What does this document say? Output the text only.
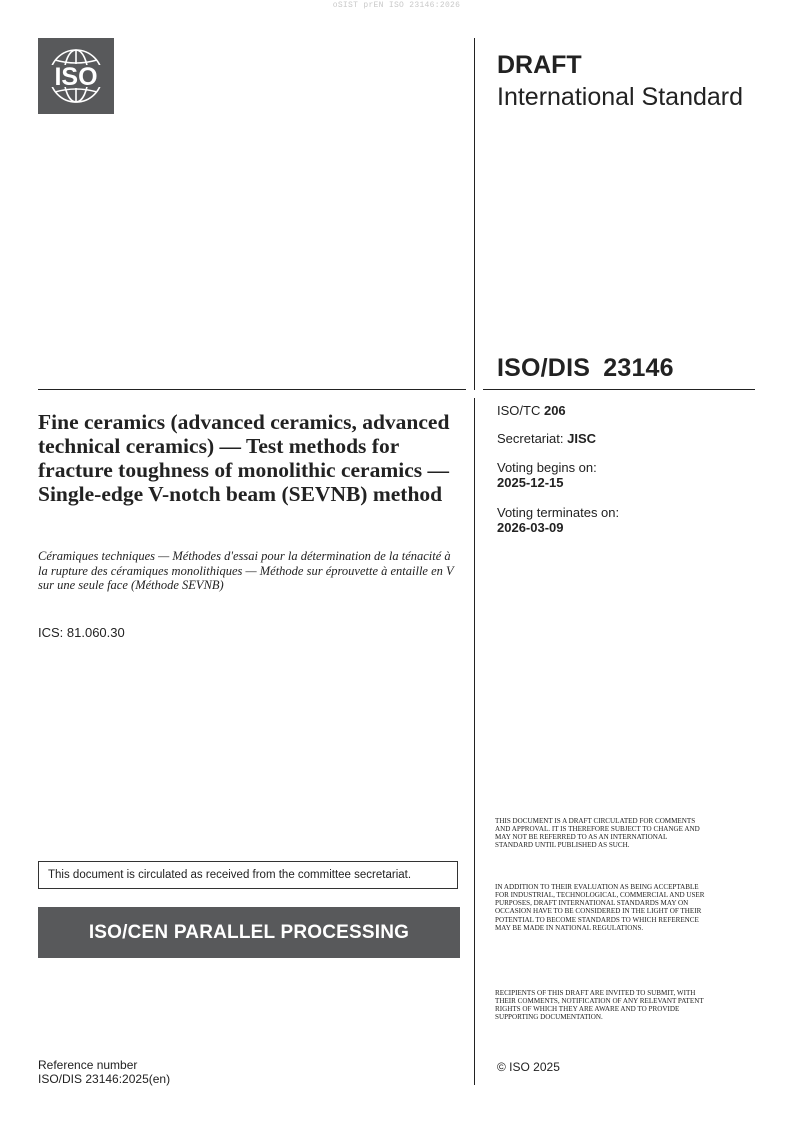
oSIST prEN ISO 23146:2026
ISO	DRAFT
International Standard
ISO/DIS 23146
Fine ceramics (advanced ceramics, advanced technical ceramics) — Test methods for fracture toughness of monolithic ceramics — Single-edge V-notch beam (SEVNB) method

Céramiques techniques — Méthodes d'essai pour la détermination de la ténacité à la rupture des céramiques monolithiques — Méthode sur éprouvette à entaille en V sur une seule face (Méthode SEVNB)

ICS: 81.060.30
ISO/TC 206
Secretariat: JISC
Voting begins on:
2025-12-15
Voting terminates on:
2026-03-09
This document is circulated as received from the committee secretariat.
ISO/CEN PARALLEL PROCESSING
Reference number
ISO/DIS 23146:2025(en)

THIS DOCUMENT IS A DRAFT CIRCULATED FOR COMMENTS AND APPROVAL. IT IS THEREFORE SUBJECT TO CHANGE AND MAY NOT BE REFERRED TO AS AN INTERNATIONAL STANDARD UNTIL PUBLISHED AS SUCH.

IN ADDITION TO THEIR EVALUATION AS BEING ACCEPTABLE FOR INDUSTRIAL, TECHNOLOGICAL, COMMERCIAL AND USER PURPOSES, DRAFT INTERNATIONAL STANDARDS MAY ON OCCASION HAVE TO BE CONSIDERED IN THE LIGHT OF THEIR POTENTIAL TO BECOME STANDARDS TO WHICH REFERENCE MAY BE MADE IN NATIONAL REGULATIONS.

RECIPIENTS OF THIS DRAFT ARE INVITED TO SUBMIT, WITH THEIR COMMENTS, NOTIFICATION OF ANY RELEVANT PATENT RIGHTS OF WHICH THEY ARE AWARE AND TO PROVIDE SUPPORTING DOCUMENTATION.

© ISO 2025
